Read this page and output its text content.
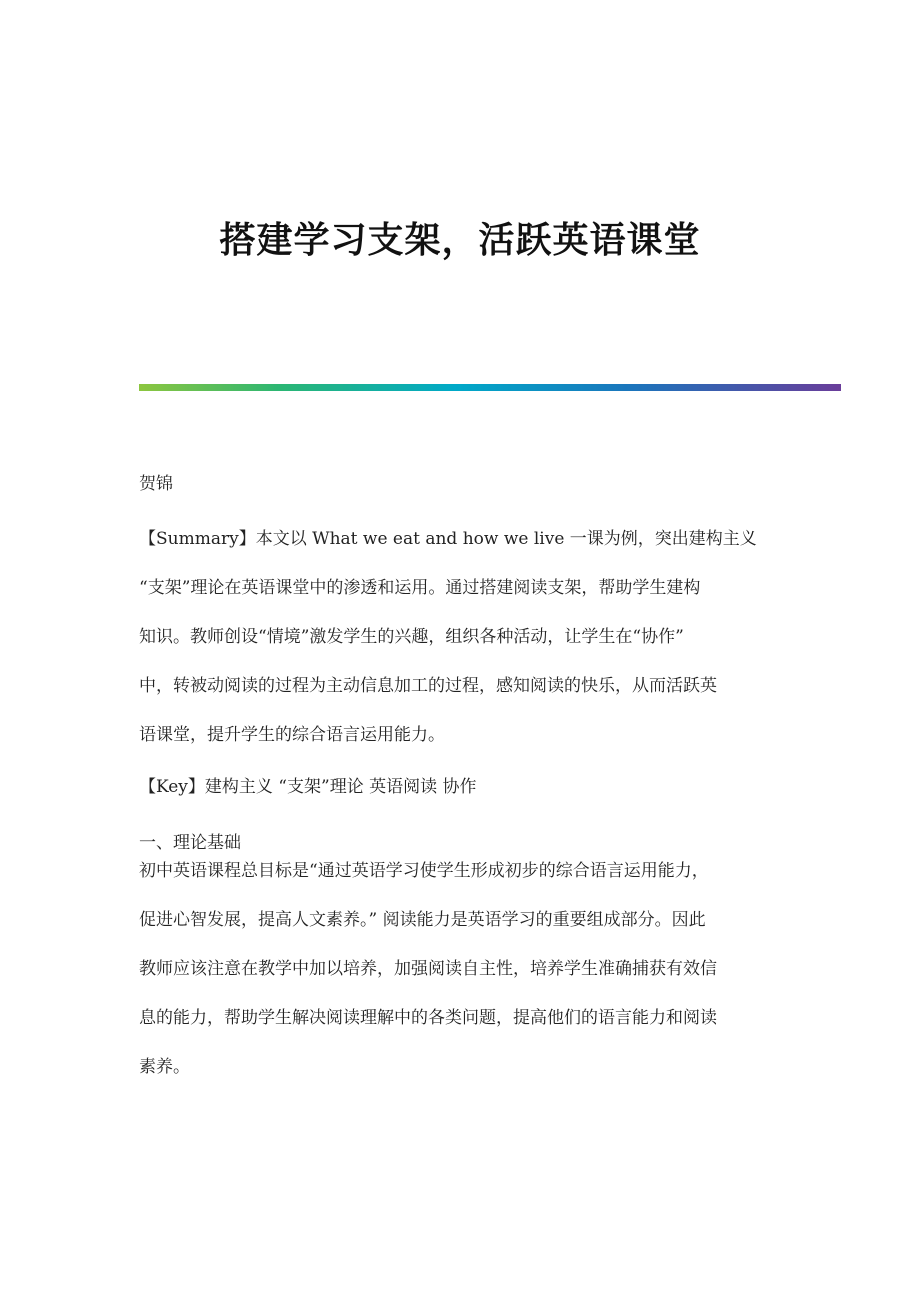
搭建学习支架，活跃英语课堂

贺锦

【Summary】本文以 What we eat and how we live 一课为例，突出建构主义
“支架”理论在英语课堂中的渗透和运用。通过搭建阅读支架，帮助学生建构
知识。教师创设“情境”激发学生的兴趣，组织各种活动，让学生在“协作”
中，转被动阅读的过程为主动信息加工的过程，感知阅读的快乐，从而活跃英
语课堂，提升学生的综合语言运用能力。

【Key】建构主义 “支架”理论 英语阅读 协作

一、理论基础

初中英语课程总目标是“通过英语学习使学生形成初步的综合语言运用能力，
促进心智发展，提高人文素养。” 阅读能力是英语学习的重要组成部分。因此
教师应该注意在教学中加以培养，加强阅读自主性，培养学生准确捕获有效信
息的能力，帮助学生解决阅读理解中的各类问题，提高他们的语言能力和阅读
素养。
